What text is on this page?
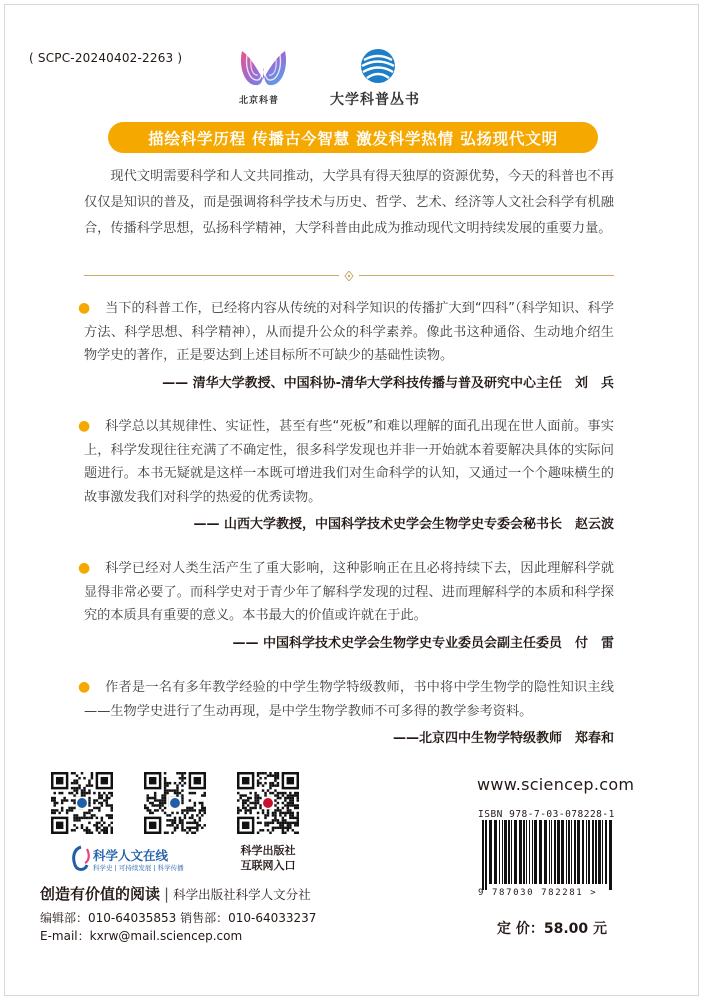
( SCPC-20240402-2263 )
北京科普	大学科普丛书
描绘科学历程 传播古今智慧 激发科学热情 弘扬现代文明
现代文明需要科学和人文共同推动，大学具有得天独厚的资源优势，今天的科普也不再仅仅是知识的普及，而是强调将科学技术与历史、哲学、艺术、经济等人文社会科学有机融合，传播科学思想，弘扬科学精神，大学科普由此成为推动现代文明持续发展的重要力量。
●	当下的科普工作，已经将内容从传统的对科学知识的传播扩大到“四科”（科学知识、科学方法、科学思想、科学精神），从而提升公众的科学素养。像此书这种通俗、生动地介绍生物学史的著作，正是要达到上述目标所不可缺少的基础性读物。
—— 清华大学教授、中国科协-清华大学科技传播与普及研究中心主任　刘　兵
●	科学总以其规律性、实证性，甚至有些“死板”和难以理解的面孔出现在世人面前。事实上，科学发现往往充满了不确定性，很多科学发现也并非一开始就本着要解决具体的实际问题进行。本书无疑就是这样一本既可增进我们对生命科学的认知，又通过一个个趣味横生的故事激发我们对科学的热爱的优秀读物。
—— 山西大学教授，中国科学技术史学会生物学史专委会秘书长　赵云波
●	科学已经对人类生活产生了重大影响，这种影响正在且必将持续下去，因此理解科学就显得非常必要了。而科学史对于青少年了解科学发现的过程、进而理解科学的本质和科学探究的本质具有重要的意义。本书最大的价值或许就在于此。
—— 中国科学技术史学会生物学史专业委员会副主任委员　付　雷
●	作者是一名有多年教学经验的中学生物学特级教师，书中将中学生物学的隐性知识主线——生物学史进行了生动再现，是中学生物学教师不可多得的教学参考资料。
——北京四中生物学特级教师　郑春和
科学人文在线
科学史 | 可持续发展 | 科学传播
科学出版社
互联网入口
创造有价值的阅读 | 科学出版社科学人文分社
编辑部：010-64035853 销售部：010-64033237
E-mail：kxrw@mail.sciencep.com
www.sciencep.com
ISBN 978-7-03-078228-1
9 787030 782281 >
定 价：58.00 元
